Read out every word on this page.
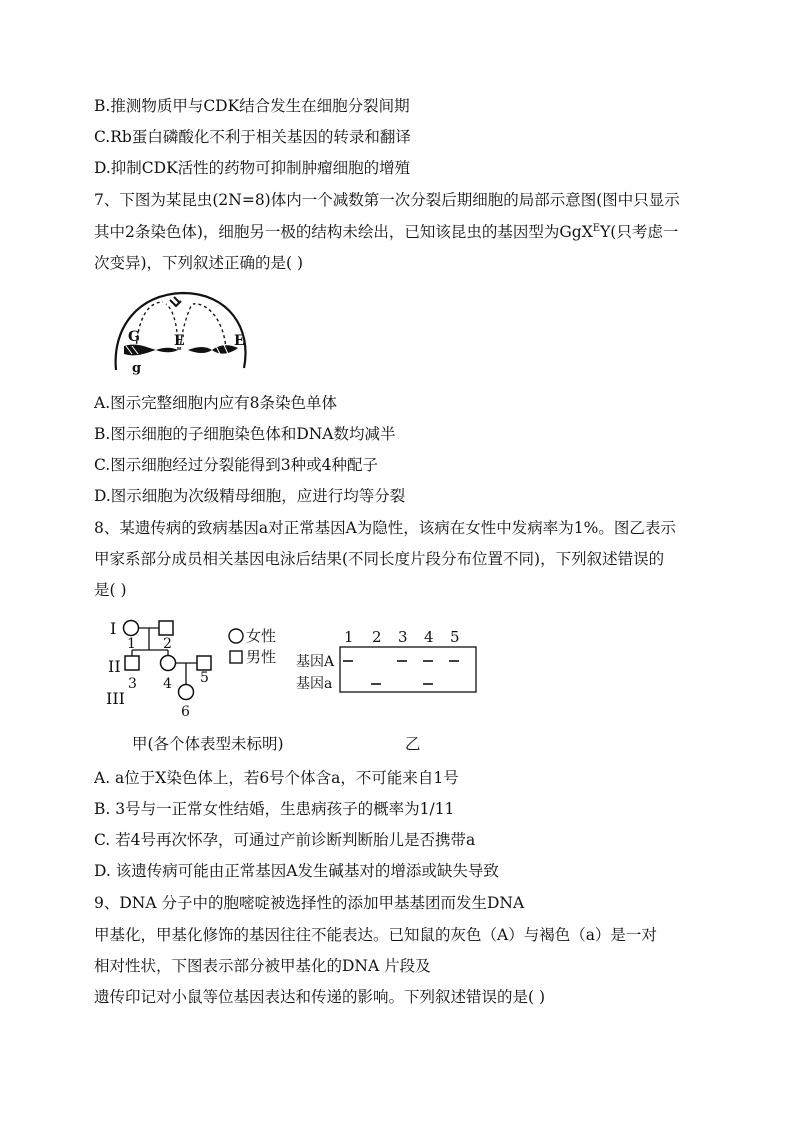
B.推测物质甲与CDK结合发生在细胞分裂间期
C.Rb蛋白磷酸化不利于相关基因的转录和翻译
D.抑制CDK活性的药物可抑制肿瘤细胞的增殖
7、下图为某昆虫(2N=8)体内一个减数第一次分裂后期细胞的局部示意图(图中只显示
其中2条染色体)，细胞另一极的结构未绘出，已知该昆虫的基因型为GgX$^E$Y(只考虑一
次变异)，下列叙述正确的是( )
G
g
E	E
A.图示完整细胞内应有8条染色单体
B.图示细胞的子细胞染色体和DNA数均减半
C.图示细胞经过分裂能得到3种或4种配子
D.图示细胞为次级精母细胞，应进行均等分裂
8、某遗传病的致病基因a对正常基因A为隐性，该病在女性中发病率为1%。图乙表示
甲家系部分成员相关基因电泳后结果(不同长度片段分布位置不同)，下列叙述错误的
是( )
I
II
III
1 2
3 4 5
6
女性
男性
1 2 3 4 5
基因A
基因a
甲(各个体表型未标明)	乙
A. a位于X染色体上，若6号个体含a，不可能来自1号
B. 3号与一正常女性结婚，生患病孩子的概率为1/11
C. 若4号再次怀孕，可通过产前诊断判断胎儿是否携带a
D. 该遗传病可能由正常基因A发生碱基对的增添或缺失导致
9、DNA 分子中的胞嘧啶被选择性的添加甲基基团而发生DNA
甲基化，甲基化修饰的基因往往不能表达。已知鼠的灰色（A）与褐色（a）是一对
相对性状，下图表示部分被甲基化的DNA 片段及
遗传印记对小鼠等位基因表达和传递的影响。下列叙述错误的是( )
